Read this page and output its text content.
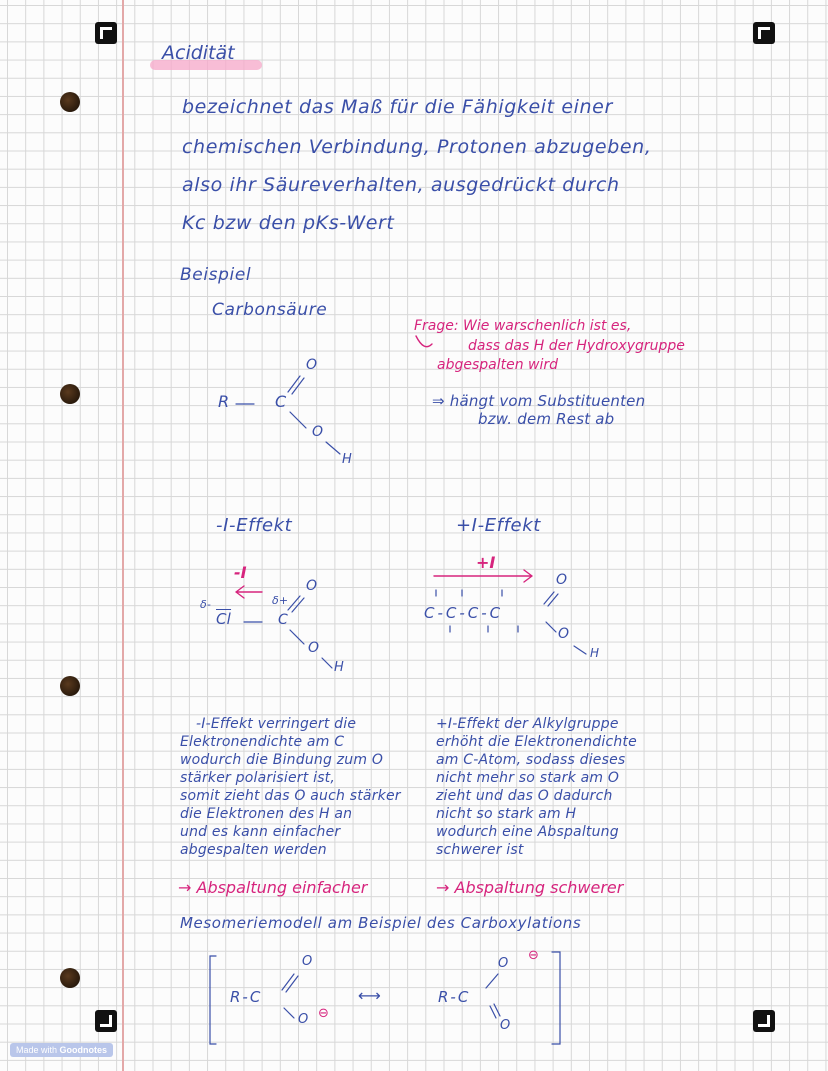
Acidität
bezeichnet das Maß für die Fähigkeit einer
chemischen Verbindung, Protonen abzugeben,
also ihr Säureverhalten, ausgedrückt durch
Kc bzw den pKs-Wert
Beispiel
Carbonsäure
Frage: Wie warschenlich ist es,
dass das H der Hydroxygruppe
abgespalten wird
⇒ hängt vom Substituenten
bzw. dem Rest ab
R	C
O
O
H
-I-Effekt	+I-Effekt
-I
+I
δ-
$\overline{Cl}$
δ+
C
O
O
H
C-C-C-C
O
O
H
-I-Effekt verringert die
Elektronendichte am C
wodurch die Bindung zum O
stärker polarisiert ist,
somit zieht das O auch stärker
die Elektronen des H an
und es kann einfacher
abgespalten werden
+I-Effekt der Alkylgruppe
erhöht die Elektronendichte
am C-Atom, sodass dieses
nicht mehr so stark am O
zieht und das O dadurch
nicht so stark am H
wodurch eine Abspaltung
schwerer ist
→ Abspaltung einfacher	→ Abspaltung schwerer
Mesomeriemodell am Beispiel des Carboxylations
R-C
O
O ⊖
⟷	R-C
O
⊖
O
Made with Goodnotes
